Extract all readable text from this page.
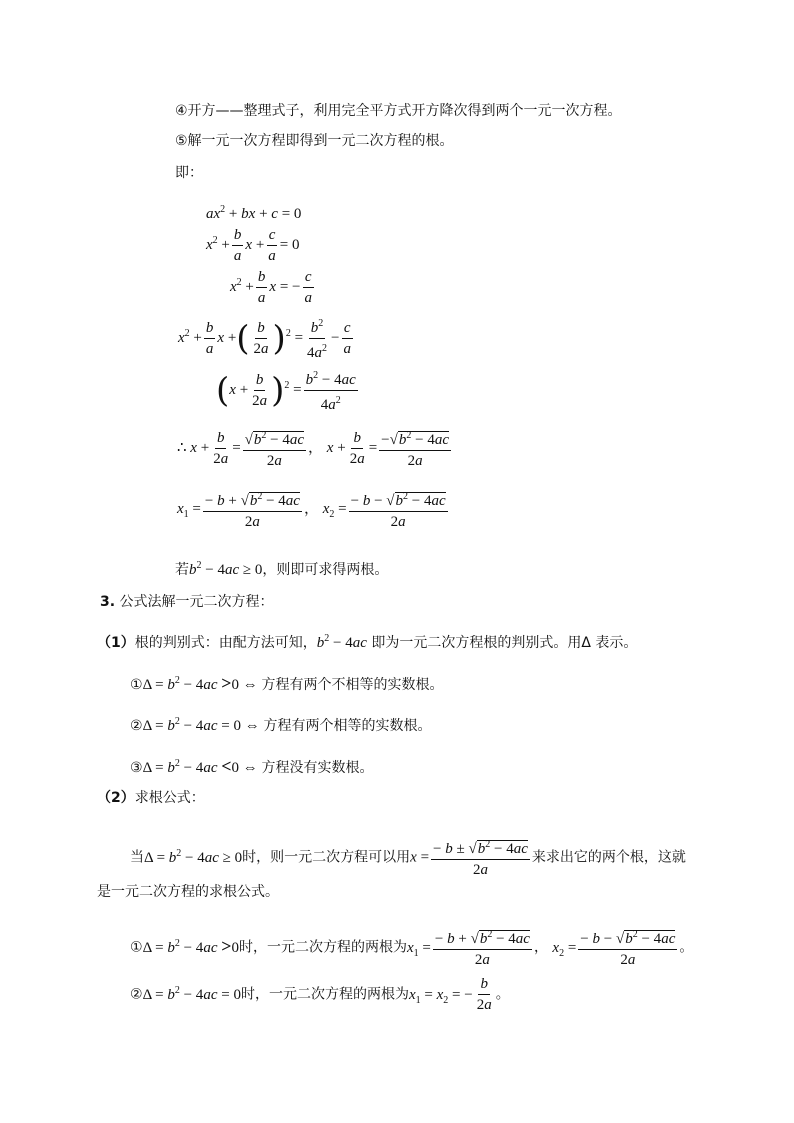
④开方——整理式子，利用完全平方式开方降次得到两个一元一次方程。
⑤解一元一次方程即得到一元二次方程的根。
即：
$ax^2$ + bx + c = 0
$x^2 + \frac{b}{a}$ $x + \frac{c}{a} = 0$
$x^2 + \frac{b}{a}$ x = − $\frac{c}{a}$
$x^2 + \frac{b}{a}$ x +( $\frac{b}{2a} )^2 = \frac{b^2}{4a^2} - \frac{c}{a}$
$(x + \frac{b}{2a} )^2 = \frac{b^2 - 4ac}{4a^2}$
∴ $x + \frac{b}{2a} = \frac{√b^2 - 4ac}{2a}$ ， $x + \frac{b}{2a} = \frac{-√b^2 - 4ac}{2a}$
$x_1 = \frac{- b + √b^2 - 4ac}{2a}$ ， $x_2 = \frac{- b - √b^2 - 4ac}{2a}$
若$b^2 - 4ac \ge 0$，则即可求得两根。
3. 公式法解一元二次方程：
（1）根的判别式：由配方法可知，$b^2 - 4ac$ 即为一元二次方程根的判别式。用Δ 表示。
①Δ = $b^2 - 4ac >0$ ⇔ 方程有两个不相等的实数根。
②Δ = $b^2 - 4ac = 0$ ⇔ 方程有两个相等的实数根。
③Δ = $b^2 - 4ac <0$ ⇔ 方程没有实数根。
（2）求根公式：
当$\Delta = b^2 - 4ac \ge 0$时，则一元二次方程可以用$x = \frac{- b \pm √b^2 - 4ac}{2a}$ 来求出它的两个根，这就
是一元二次方程的求根公式。
①Δ = $b^2 - 4ac >0$时，一元二次方程的两根为$x_1 = \frac{- b + √b^2 - 4ac}{2a}$ ， $x_2 = \frac{- b - √b^2 - 4ac}{2a}$ 。
②Δ = $b^2 - 4ac = 0$时，一元二次方程的两根为$x_1 = x_2$ = − $\frac{b}{2a}$ 。
